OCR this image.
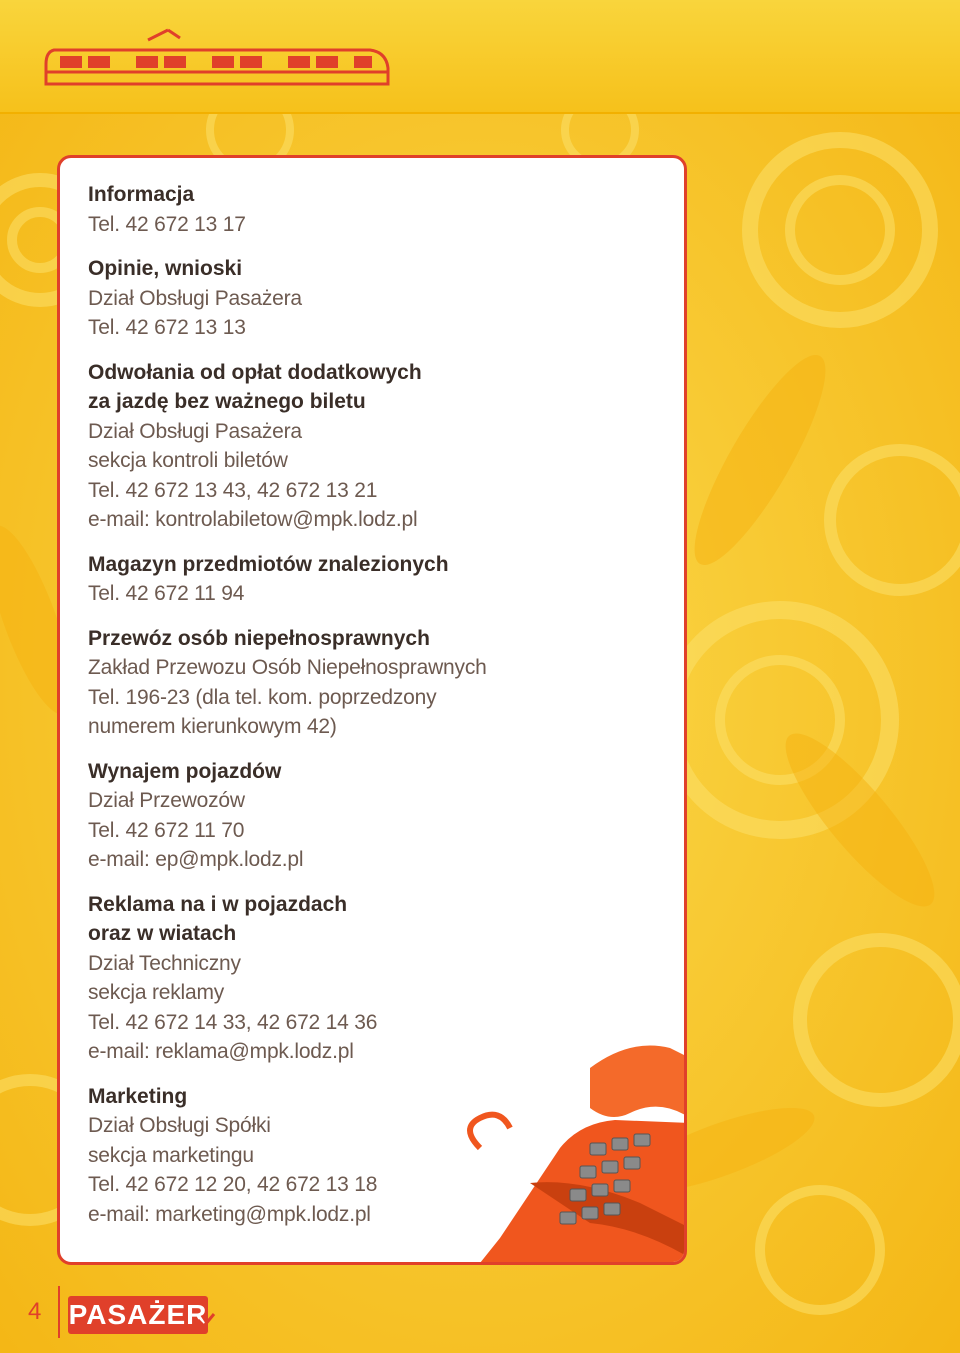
Informacja
Tel. 42 672 13 17
Opinie, wnioski
Dział Obsługi Pasażera
Tel. 42 672 13 13
Odwołania od opłat dodatkowych
za jazdę bez ważnego biletu
Dział Obsługi Pasażera
sekcja kontroli biletów
Tel. 42 672 13 43, 42 672 13 21
e-mail: kontrolabiletow@mpk.lodz.pl
Magazyn przedmiotów znalezionych
Tel. 42 672 11 94
Przewóz osób niepełnosprawnych
Zakład Przewozu Osób Niepełnosprawnych
Tel. 196-23 (dla tel. kom. poprzedzony
numerem kierunkowym 42)
Wynajem pojazdów
Dział Przewozów
Tel. 42 672 11 70
e-mail: ep@mpk.lodz.pl
Reklama na i w pojazdach
oraz w wiatach
Dział Techniczny
sekcja reklamy
Tel. 42 672 14 33, 42 672 14 36
e-mail: reklama@mpk.lodz.pl
Marketing
Dział Obsługi Spółki
sekcja marketingu
Tel. 42 672 12 20, 42 672 13 18
e-mail: marketing@mpk.lodz.pl
4 PASAŻER
